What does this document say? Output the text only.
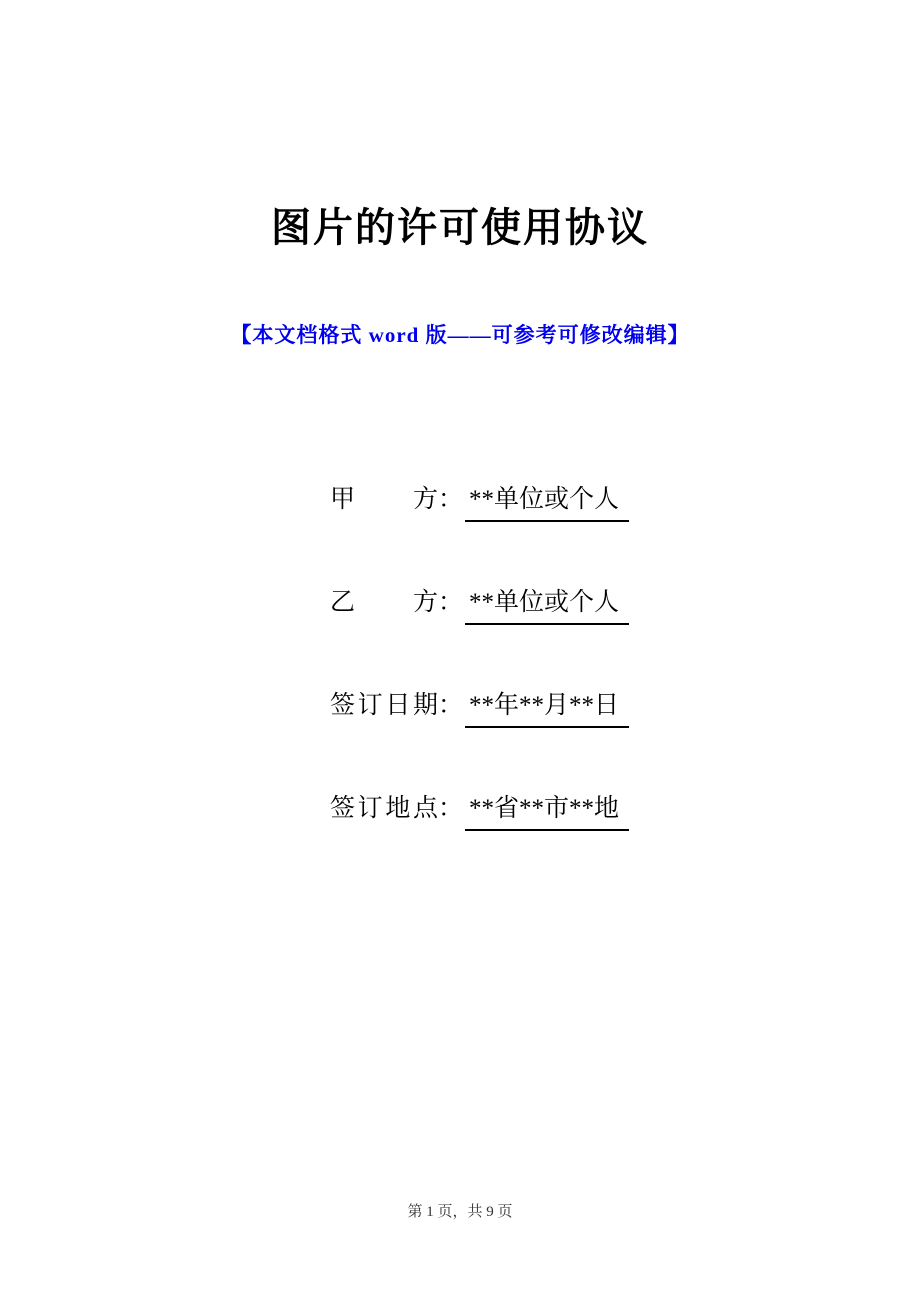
图片的许可使用协议
【本文档格式 word 版——可参考可修改编辑】
甲方 ： **单位或个人
乙方 ： **单位或个人
签订日期 ： **年**月**日
签订地点 ： **省**市**地
第 1 页，共 9 页
